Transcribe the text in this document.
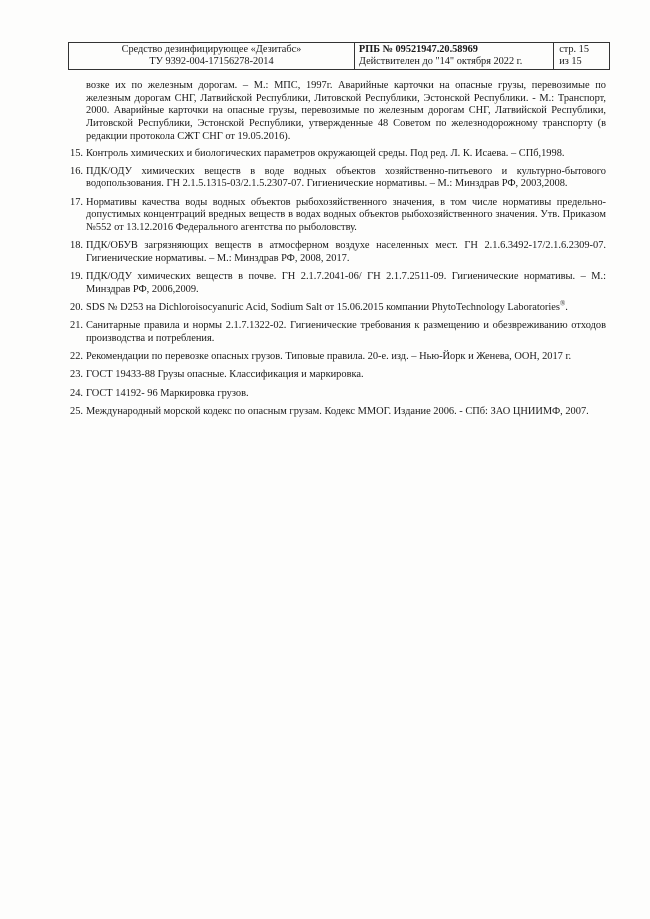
Средство дезинфицирующее «Дезитабс»
ТУ 9392-004-17156278-2014
РПБ № 09521947.20.58969
Действителен до "14" октября 2022 г.
стр. 15
из 15

возке их по железным дорогам. – М.: МПС, 1997г. Аварийные карточки на опасные грузы, перевозимые по железным дорогам СНГ, Латвийской Республики, Литовской Республики, Эстонской Республики. - М.: Транспорт, 2000. Аварийные карточки на опасные грузы, перевозимые по железным дорогам СНГ, Латвийской Республики, Литовской Республики, Эстонской Республики, утвержденные 48 Советом по железнодорожному транспорту (в редакции протокола СЖТ СНГ от 19.05.2016).

15. Контроль химических и биологических параметров окружающей среды. Под ред. Л. К. Исаева. – СПб,1998.
16. ПДК/ОДУ химических веществ в воде водных объектов хозяйственно-питьевого и культурно-бытового водопользования. ГН 2.1.5.1315-03/2.1.5.2307-07. Гигиенические нормативы. – М.: Минздрав РФ, 2003,2008.
17. Нормативы качества воды водных объектов рыбохозяйственного значения, в том числе нормативы предельно-допустимых концентраций вредных веществ в водах водных объектов рыбохозяйственного значения. Утв. Приказом №552 от 13.12.2016 Федерального агентства по рыболовству.
18. ПДК/ОБУВ загрязняющих веществ в атмосферном воздухе населенных мест. ГН 2.1.6.3492-17/2.1.6.2309-07. Гигиенические нормативы. – М.: Минздрав РФ, 2008, 2017.
19. ПДК/ОДУ химических веществ в почве. ГН 2.1.7.2041-06/ ГН 2.1.7.2511-09. Гигиенические нормативы. – М.: Минздрав РФ, 2006,2009.
20. SDS № D253 на Dichloroisocyanuric Acid, Sodium Salt от 15.06.2015 компании PhytoTechnology Laboratories®.
21. Санитарные правила и нормы 2.1.7.1322-02. Гигиенические требования к размещению и обезвреживанию отходов производства и потребления.
22. Рекомендации по перевозке опасных грузов. Типовые правила. 20-е. изд. – Нью-Йорк и Женева, ООН, 2017 г.
23. ГОСТ 19433-88 Грузы опасные. Классификация и маркировка.
24. ГОСТ 14192- 96 Маркировка грузов.
25. Международный морской кодекс по опасным грузам. Кодекс ММОГ. Издание 2006. - СПб: ЗАО ЦНИИМФ, 2007.
